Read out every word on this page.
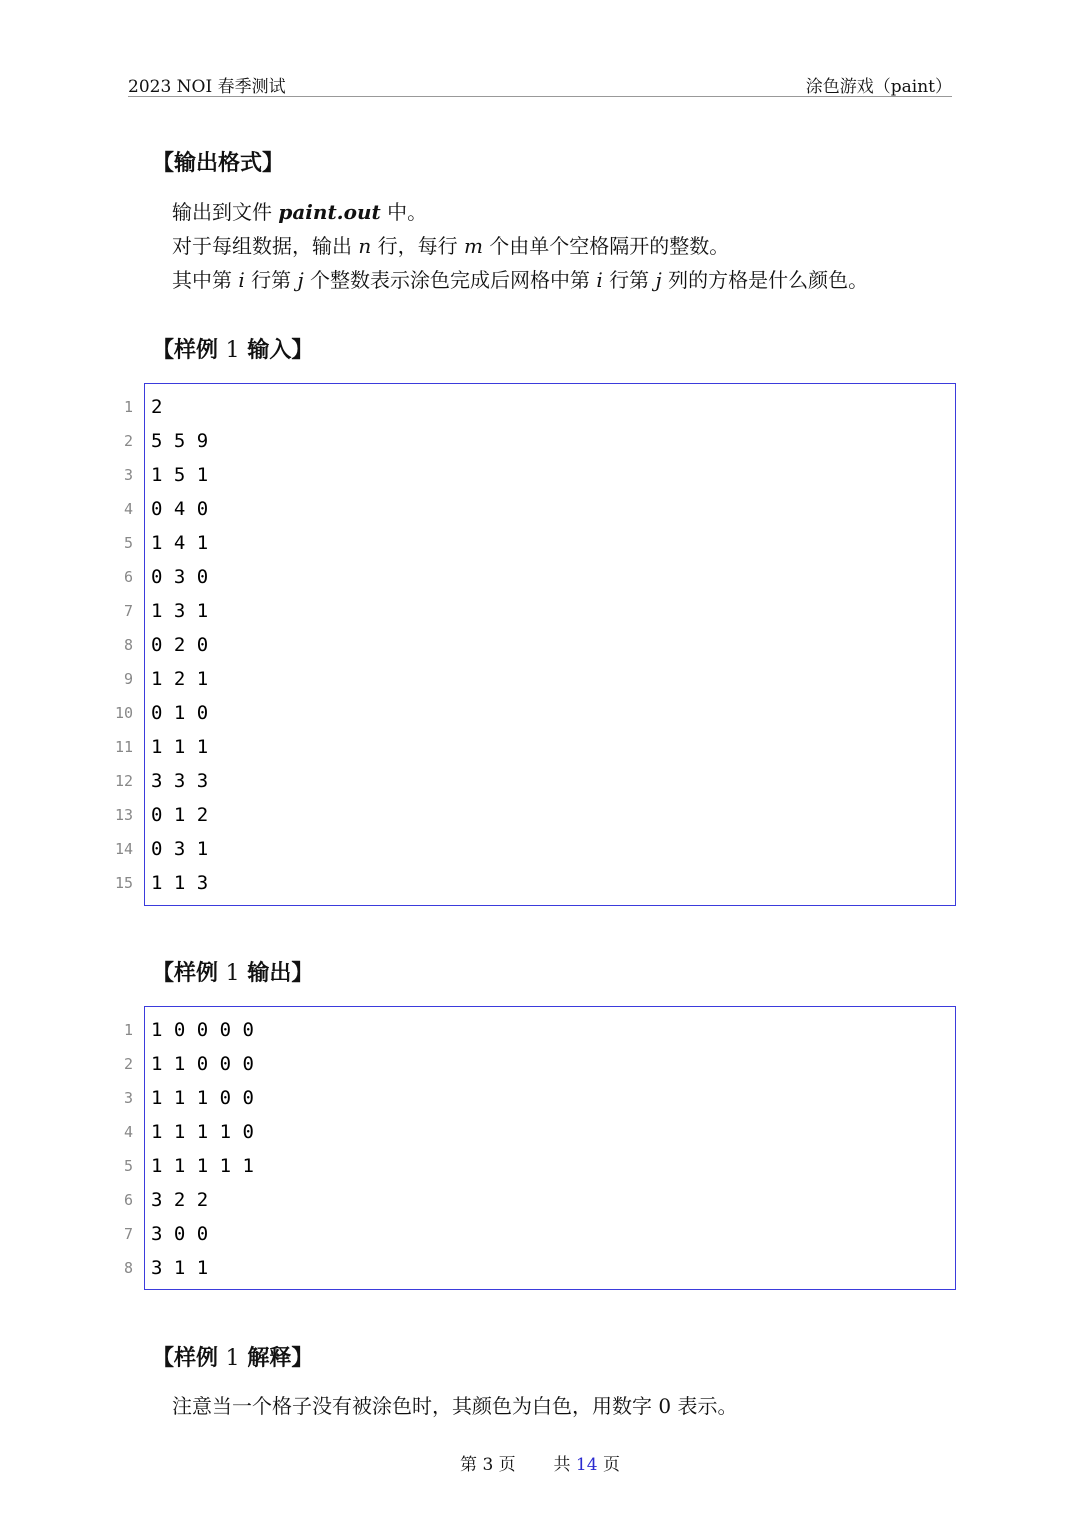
2023 NOI 春季测试	涂色游戏（paint）
【输出格式】
输出到文件 paint.out 中。
对于每组数据，输出 n 行，每行 m 个由单个空格隔开的整数。
其中第 i 行第 j 个整数表示涂色完成后网格中第 i 行第 j 列的方格是什么颜色。
【样例 1 输入】
1 2
2 5 5 9
3 1 5 1
4 0 4 0
5 1 4 1
6 0 3 0
7 1 3 1
8 0 2 0
9 1 2 1
10 0 1 0
11 1 1 1
12 3 3 3
13 0 1 2
14 0 3 1
15 1 1 3
【样例 1 输出】
1 1 0 0 0 0
2 1 1 0 0 0
3 1 1 1 0 0
4 1 1 1 1 0
5 1 1 1 1 1
6 3 2 2
7 3 0 0
8 3 1 1
【样例 1 解释】
注意当一个格子没有被涂色时，其颜色为白色，用数字 0 表示。
第 3 页 共 14 页
